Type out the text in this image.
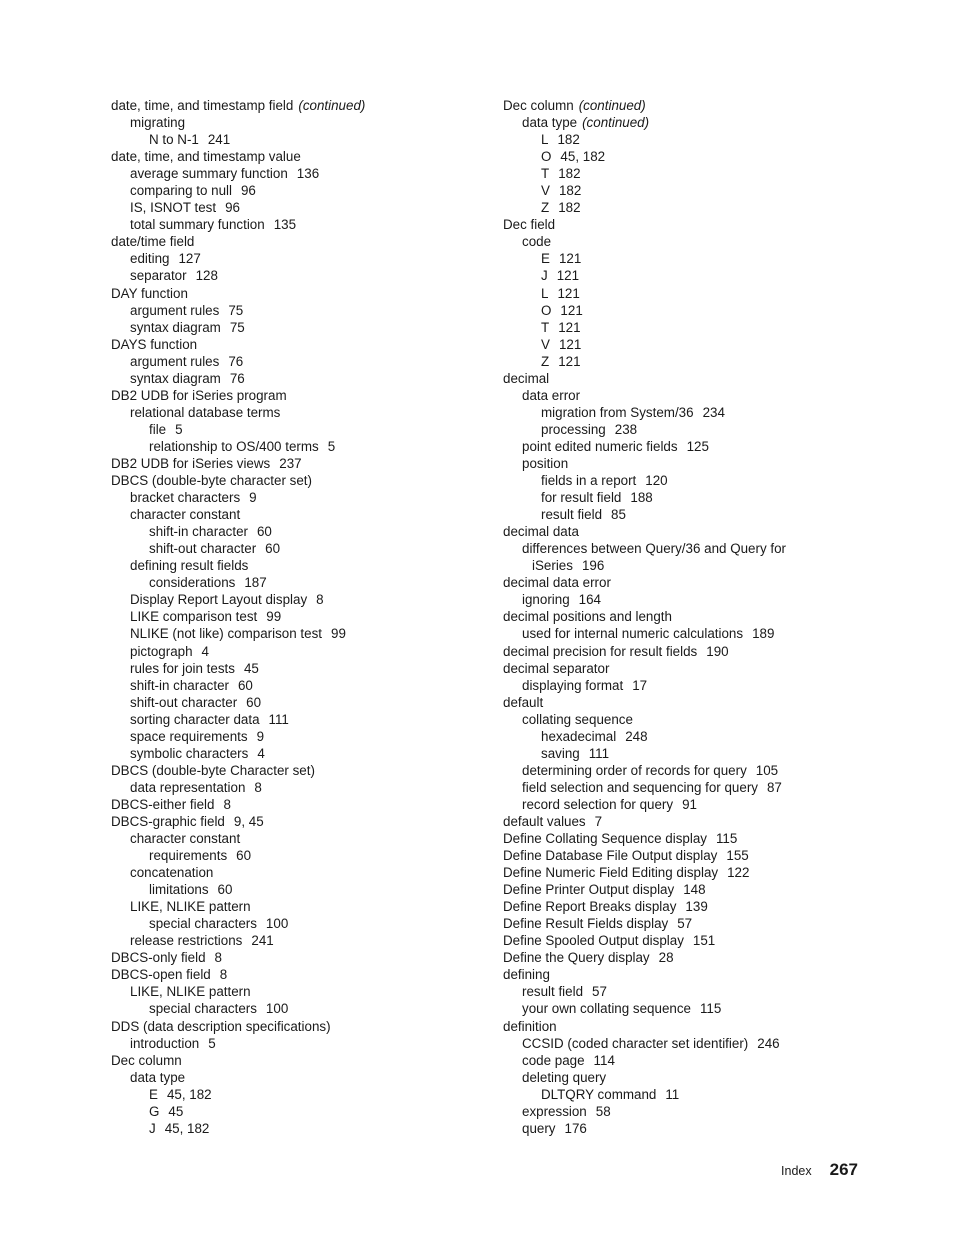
date, time, and timestamp field (continued)
migrating
N to N-1 241
date, time, and timestamp value
average summary function 136
comparing to null 96
IS, ISNOT test 96
total summary function 135
date/time field
editing 127
separator 128
DAY function
argument rules 75
syntax diagram 75
DAYS function
argument rules 76
syntax diagram 76
DB2 UDB for iSeries program
relational database terms
file 5
relationship to OS/400 terms 5
DB2 UDB for iSeries views 237
DBCS (double-byte character set)
bracket characters 9
character constant
shift-in character 60
shift-out character 60
defining result fields
considerations 187
Display Report Layout display 8
LIKE comparison test 99
NLIKE (not like) comparison test 99
pictograph 4
rules for join tests 45
shift-in character 60
shift-out character 60
sorting character data 111
space requirements 9
symbolic characters 4
DBCS (double-byte Character set)
data representation 8
DBCS-either field 8
DBCS-graphic field 9, 45
character constant
requirements 60
concatenation
limitations 60
LIKE, NLIKE pattern
special characters 100
release restrictions 241
DBCS-only field 8
DBCS-open field 8
LIKE, NLIKE pattern
special characters 100
DDS (data description specifications)
introduction 5
Dec column
data type
E 45, 182
G 45
J 45, 182
Dec column (continued)
data type (continued)
L 182
O 45, 182
T 182
V 182
Z 182
Dec field
code
E 121
J 121
L 121
O 121
T 121
V 121
Z 121
decimal
data error
migration from System/36 234
processing 238
point edited numeric fields 125
position
fields in a report 120
for result field 188
result field 85
decimal data
differences between Query/36 and Query for
iSeries 196
decimal data error
ignoring 164
decimal positions and length
used for internal numeric calculations 189
decimal precision for result fields 190
decimal separator
displaying format 17
default
collating sequence
hexadecimal 248
saving 111
determining order of records for query 105
field selection and sequencing for query 87
record selection for query 91
default values 7
Define Collating Sequence display 115
Define Database File Output display 155
Define Numeric Field Editing display 122
Define Printer Output display 148
Define Report Breaks display 139
Define Result Fields display 57
Define Spooled Output display 151
Define the Query display 28
defining
result field 57
your own collating sequence 115
definition
CCSID (coded character set identifier) 246
code page 114
deleting query
DLTQRY command 11
expression 58
query 176
Index 267
